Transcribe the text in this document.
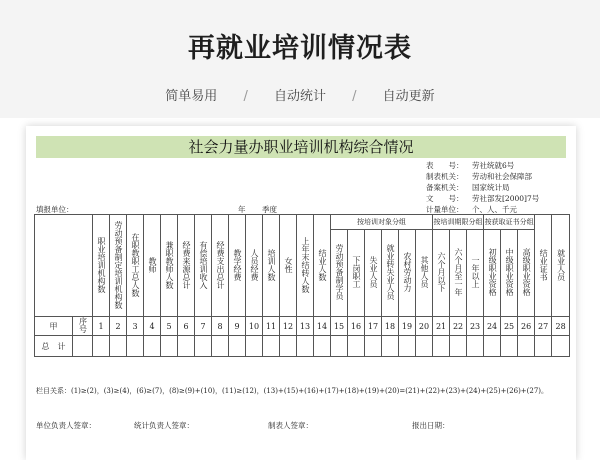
再就业培训情况表
简单易用 / 自动统计 / 自动更新
社会力量办职业培训机构综合情况
表　　号： 劳社统就6号
制表机关： 劳动和社会保障部
备案机关： 国家统计局
文　　号： 劳社部发[2000]7号
计量单位： 个、人、千元
填报单位：	年 季度
		职业培训机构数	劳动预备制定培训机构数	在职教职工总人数	教师	兼职教师人数	经费来源总计	有偿培训收入	经费支出总计	教学经费	人员经费	培训人数	女性	上年末结转人数	结业人数	按培训对象分组						按培训期限分组			按获取证书分组			结业证书	就业人员
																劳动预备制学员	下岗职工	失业人员	就业转失业人员	农村劳动力	其他人员	六个月以下	六个月至一年	一年以上	初级职业资格	中级职业资格	高级职业资格		
甲	序号	1	2	3	4	5	6	7	8	9	10	11	12	13	14	15	16	17	18	19	20	21	22	23	24	25	26	27	28
总　计																													
栏目关系：(1)≥(2)，(3)≥(4)，(6)≥(7)，(8)≥(9)+(10)，(11)≥(12)，(13)+(15)+(16)+(17)+(18)+(19)+(20)=(21)+(22)+(23)+(24)+(25)+(26)+(27)。
单位负责人签章：	统计负责人签章：	制表人签章：	报出日期：
